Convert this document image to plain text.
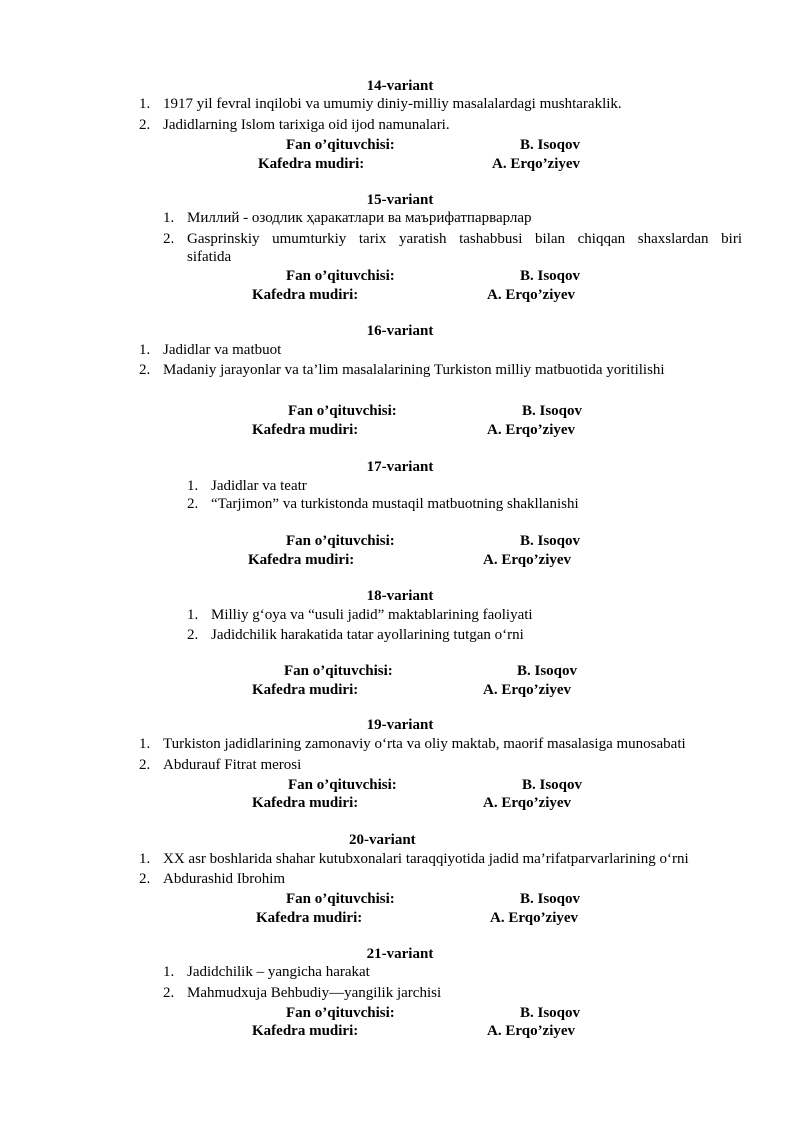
14-variant
1. 1917 yil fevral inqilobi va umumiy diniy-milliy masalalardagi mushtaraklik.
2. Jadidlarning Islom tarixiga oid ijod namunalari.
Fan o’qituvchisi:	B. Isoqov
Kafedra mudiri:	A. Erqo’ziyev
15-variant
1. Миллий - озодлик ҳаракатлари ва маърифатпарварлар
2. Gasprinskiy umumturkiy tarix yaratish tashabbusi bilan chiqqan shaxslardan biri
sifatida
Fan o’qituvchisi:	B. Isoqov
Kafedra mudiri:	A. Erqo’ziyev
16-variant
1. Jadidlar va matbuot
2. Madaniy jarayonlar va ta’lim masalalarining Turkiston milliy matbuotida yoritilishi
Fan o’qituvchisi:	B. Isoqov
Kafedra mudiri:	A. Erqo’ziyev
17-variant
1. Jadidlar va teatr
2. “Tarjimon” va turkistonda mustaqil matbuotning shakllanishi
Fan o’qituvchisi:	B. Isoqov
Kafedra mudiri:	A. Erqo’ziyev
18-variant
1. Milliy g‘oya va “usuli jadid” maktablarining faoliyati
2. Jadidchilik harakatida tatar ayollarining tutgan o‘rni
Fan o’qituvchisi:	B. Isoqov
Kafedra mudiri:	A. Erqo’ziyev
19-variant
1. Turkiston jadidlarining zamonaviy o‘rta va oliy maktab, maorif masalasiga munosabati
2. Abdurauf Fitrat merosi
Fan o’qituvchisi:	B. Isoqov
Kafedra mudiri:	A. Erqo’ziyev
20-variant
1. XX asr boshlarida shahar kutubxonalari taraqqiyotida jadid ma’rifatparvarlarining o‘rni
2. Abdurashid Ibrohim
Fan o’qituvchisi:	B. Isoqov
Kafedra mudiri:	A. Erqo’ziyev
21-variant
1. Jadidchilik – yangicha harakat
2. Mahmudxuja Behbudiy—yangilik jarchisi
Fan o’qituvchisi:	B. Isoqov
Kafedra mudiri:	A. Erqo’ziyev
